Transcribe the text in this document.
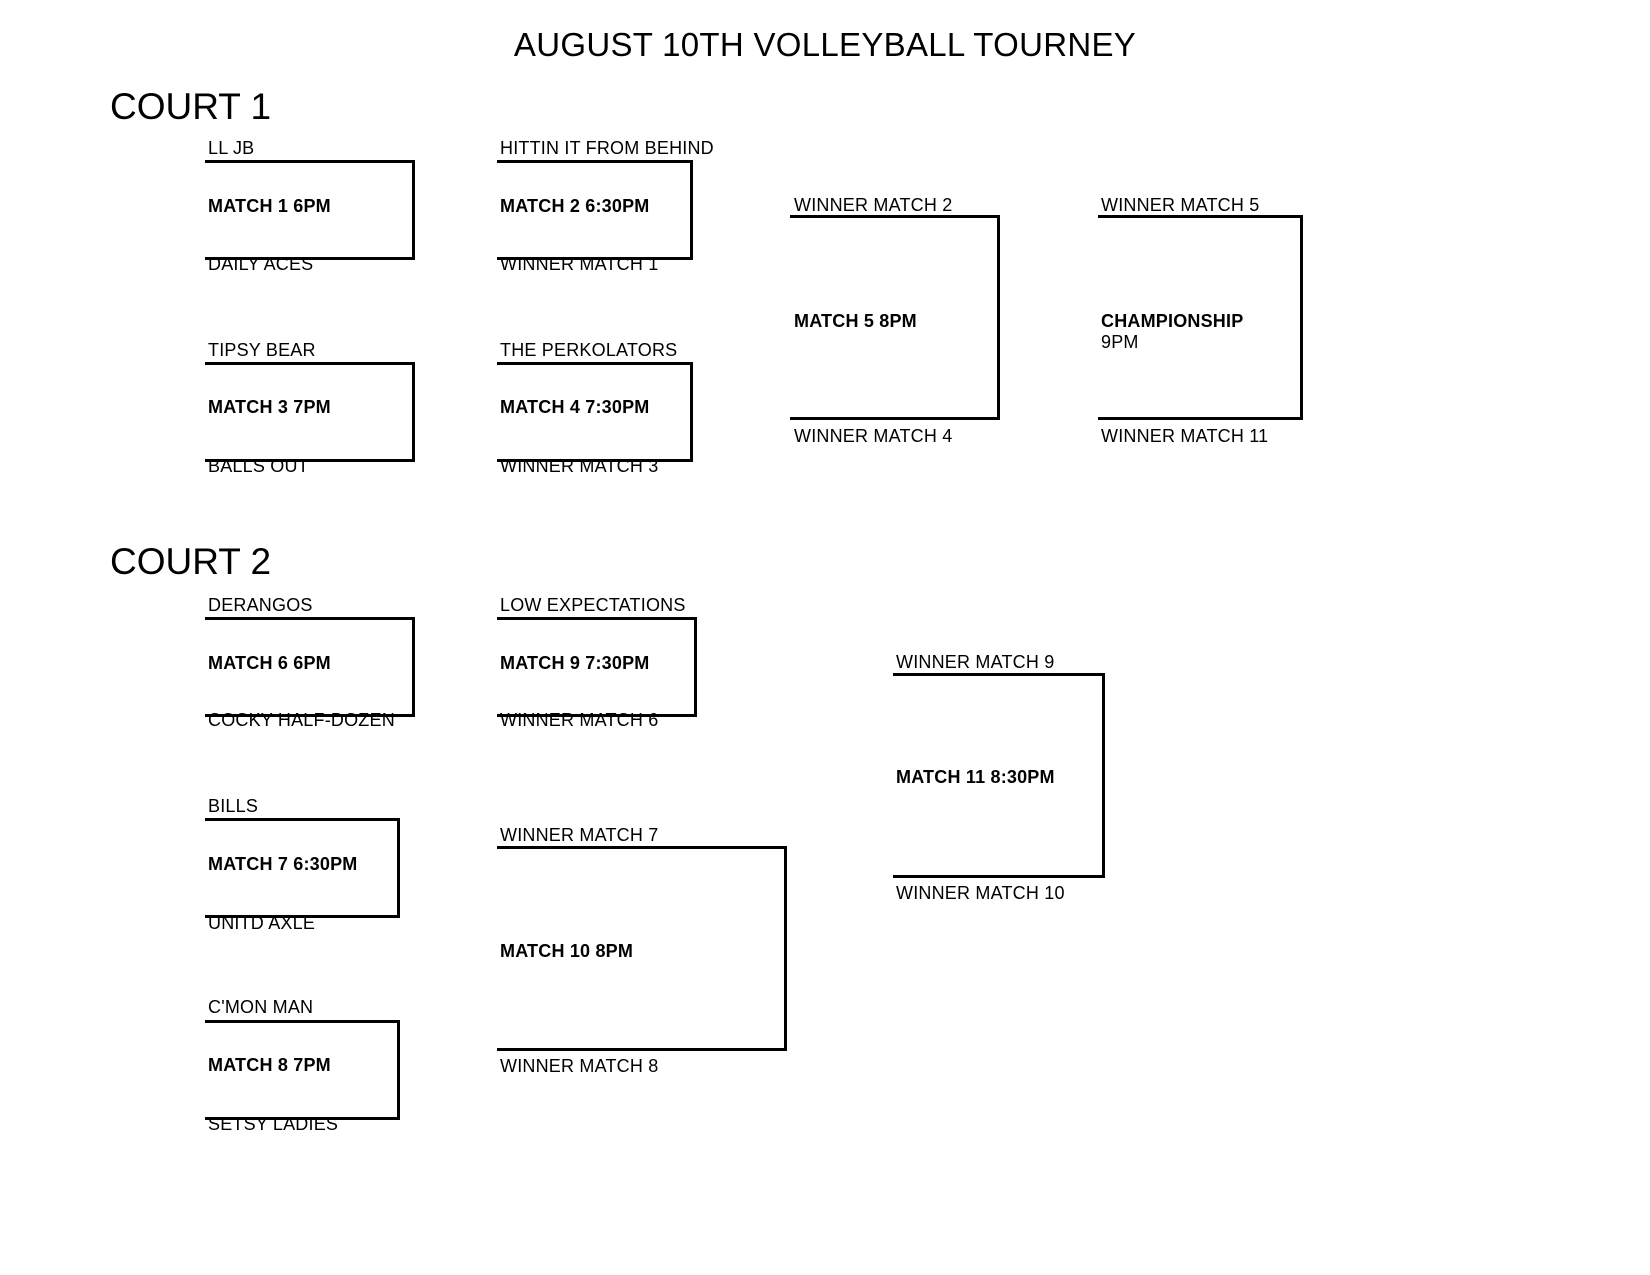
AUGUST 10TH VOLLEYBALL TOURNEY
COURT 1
LL JB
DAILY ACES
MATCH 1 6PM
HITTIN IT FROM BEHIND
WINNER MATCH 1
MATCH 2 6:30PM
TIPSY BEAR
BALLS OUT
MATCH 3 7PM
THE PERKOLATORS
WINNER MATCH 3
MATCH 4 7:30PM
WINNER MATCH 2
WINNER MATCH 4
MATCH 5 8PM
WINNER MATCH 5
WINNER MATCH 11
CHAMPIONSHIP
9PM
COURT 2
DERANGOS
COCKY HALF-DOZEN
MATCH 6 6PM
LOW EXPECTATIONS
WINNER MATCH 6
MATCH 9 7:30PM
BILLS
UNITD AXLE
MATCH 7 6:30PM
C'MON MAN
SETSY LADIES
MATCH 8 7PM
WINNER MATCH 7
WINNER MATCH 8
MATCH 10 8PM
WINNER MATCH 9
WINNER MATCH 10
MATCH 11 8:30PM
